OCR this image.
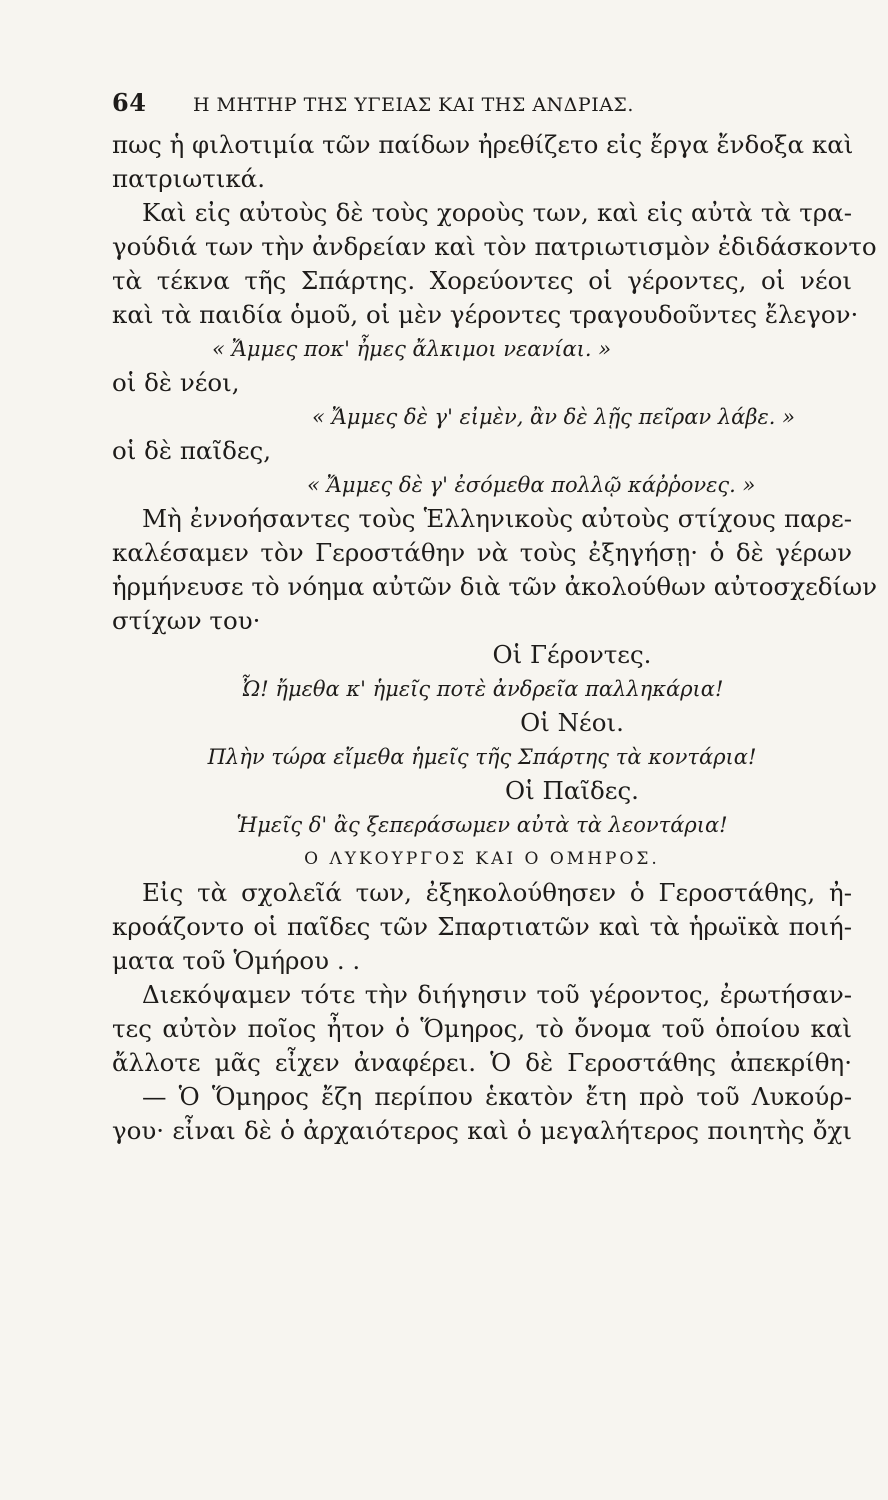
64 Η ΜΗΤΗΡ ΤΗΣ ΥΓΕΙΑΣ ΚΑΙ ΤΗΣ ΑΝΔΡΙΑΣ.
πως ἡ φιλοτιμία τῶν παίδων ἠρεθίζετο εἰς ἔργα ἔνδοξα καὶ
πατριωτικά.
Καὶ εἰς αὐτοὺς δὲ τοὺς χοροὺς των, καὶ εἰς αὐτὰ τὰ τρα-
γούδιά των τὴν ἀνδρείαν καὶ τὸν πατριωτισμὸν ἐδιδάσκοντο
τὰ τέκνα τῆς Σπάρτης. Χορεύοντες οἱ γέροντες, οἱ νέοι
καὶ τὰ παιδία ὁμοῦ, οἱ μὲν γέροντες τραγουδοῦντες ἔλεγον·
« Ἄμμες ποκ' ἦμες ἄλκιμοι νεανίαι. »
οἱ δὲ νέοι,
« Ἄμμες δὲ γ' εἰμὲν, ἂν δὲ λῇς πεῖραν λάβε. »
οἱ δὲ παῖδες,
« Ἄμμες δὲ γ' ἐσόμεθα πολλῷ κάῤῥονες. »
Μὴ ἐννοήσαντες τοὺς Ἑλληνικοὺς αὐτοὺς στίχους παρε-
καλέσαμεν τὸν Γεροστάθην νὰ τοὺς ἐξηγήσῃ· ὁ δὲ γέρων
ἡρμήνευσε τὸ νόημα αὐτῶν διὰ τῶν ἀκολούθων αὐτοσχεδίων
στίχων του·
Οἱ Γέροντες.
Ὦ! ἤμεθα κ' ἡμεῖς ποτὲ ἀνδρεῖα παλληκάρια!
Οἱ Νέοι.
Πλὴν τώρα εἴμεθα ἡμεῖς τῆς Σπάρτης τὰ κοντάρια!
Οἱ Παῖδες.
Ἡμεῖς δ' ἂς ξεπεράσωμεν αὐτὰ τὰ λεοντάρια!
Ο ΛΥΚΟΥΡΓΟΣ ΚΑΙ Ο ΟΜΗΡΟΣ.
Εἰς τὰ σχολεῖά των, ἐξηκολούθησεν ὁ Γεροστάθης, ἠ-
κροάζοντο οἱ παῖδες τῶν Σπαρτιατῶν καὶ τὰ ἡρωϊκὰ ποιή-
ματα τοῦ Ὁμήρου . .
Διεκόψαμεν τότε τὴν διήγησιν τοῦ γέροντος, ἐρωτήσαν-
τες αὐτὸν ποῖος ἦτον ὁ Ὅμηρος, τὸ ὄνομα τοῦ ὁποίου καὶ
ἄλλοτε μᾶς εἶχεν ἀναφέρει. Ὁ δὲ Γεροστάθης ἀπεκρίθη·
— Ὁ Ὅμηρος ἔζη περίπου ἑκατὸν ἔτη πρὸ τοῦ Λυκούρ-
γου· εἶναι δὲ ὁ ἀρχαιότερος καὶ ὁ μεγαλήτερος ποιητὴς ὄχι
